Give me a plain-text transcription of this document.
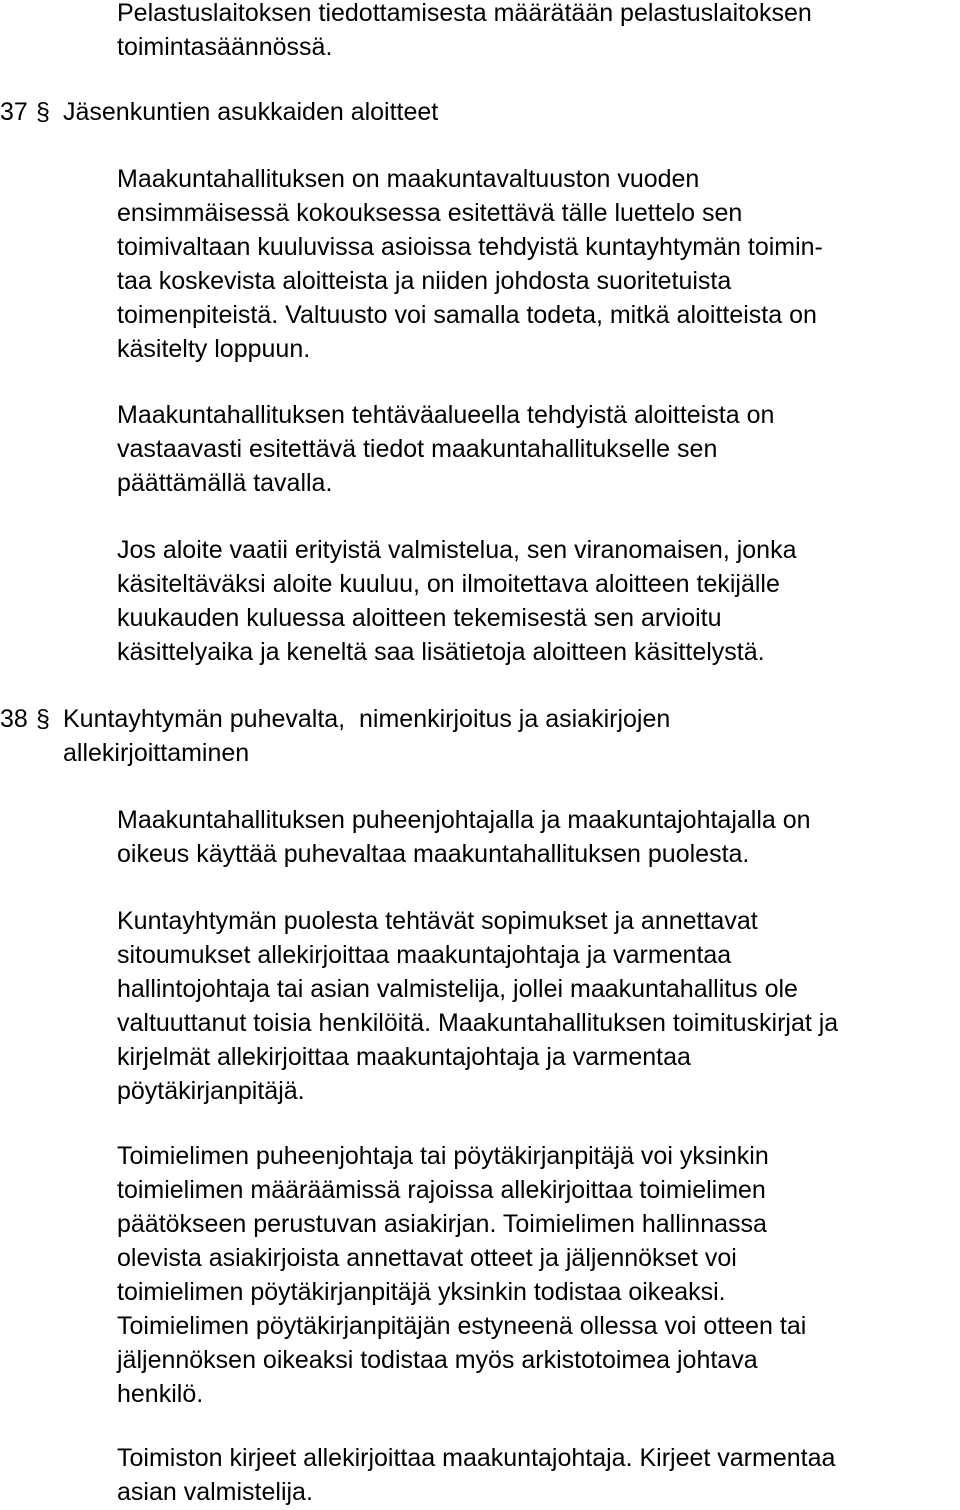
Pelastuslaitoksen tiedottamisesta määrätään pelastuslaitoksen
toimintasäännössä.

37 § Jäsenkuntien asukkaiden aloitteet

Maakuntahallituksen on maakuntavaltuuston vuoden
ensimmäisessä kokouksessa esitettävä tälle luettelo sen
toimivaltaan kuuluvissa asioissa tehdyistä kuntayhtymän toimin-
taa koskevista aloitteista ja niiden johdosta suoritetuista
toimenpiteistä. Valtuusto voi samalla todeta, mitkä aloitteista on
käsitelty loppuun.

Maakuntahallituksen tehtäväalueella tehdyistä aloitteista on
vastaavasti esitettävä tiedot maakuntahallitukselle sen
päättämällä tavalla.

Jos aloite vaatii erityistä valmistelua, sen viranomaisen, jonka
käsiteltäväksi aloite kuuluu, on ilmoitettava aloitteen tekijälle
kuukauden kuluessa aloitteen tekemisestä sen arvioitu
käsittelyaika ja keneltä saa lisätietoja aloitteen käsittelystä.

38 § Kuntayhtymän puhevalta,  nimenkirjoitus ja asiakirjojen
allekirjoittaminen

Maakuntahallituksen puheenjohtajalla ja maakuntajohtajalla on
oikeus käyttää puhevaltaa maakuntahallituksen puolesta.

Kuntayhtymän puolesta tehtävät sopimukset ja annettavat
sitoumukset allekirjoittaa maakuntajohtaja ja varmentaa
hallintojohtaja tai asian valmistelija, jollei maakuntahallitus ole
valtuuttanut toisia henkilöitä. Maakuntahallituksen toimituskirjat ja
kirjelmät allekirjoittaa maakuntajohtaja ja varmentaa
pöytäkirjanpitäjä.

Toimielimen puheenjohtaja tai pöytäkirjanpitäjä voi yksinkin
toimielimen määräämissä rajoissa allekirjoittaa toimielimen
päätökseen perustuvan asiakirjan. Toimielimen hallinnassa
olevista asiakirjoista annettavat otteet ja jäljennökset voi
toimielimen pöytäkirjanpitäjä yksinkin todistaa oikeaksi.
Toimielimen pöytäkirjanpitäjän estyneenä ollessa voi otteen tai
jäljennöksen oikeaksi todistaa myös arkistotoimea johtava
henkilö.

Toimiston kirjeet allekirjoittaa maakuntajohtaja. Kirjeet varmentaa
asian valmistelija.
